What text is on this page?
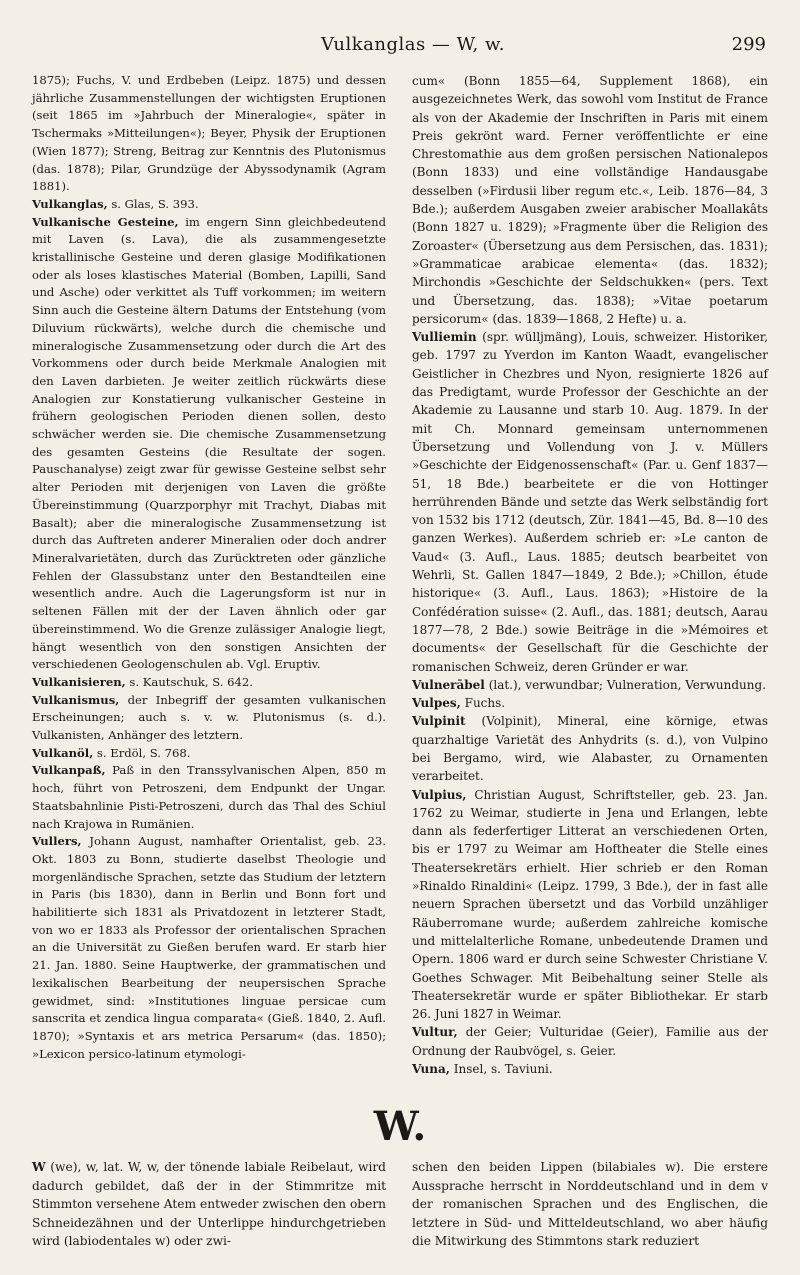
Vulkanglas — W, w.	299

1875); Fuchs, V. und Erdbeben (Leipz. 1875) und dessen jährliche Zusammenstellungen der wichtigsten Eruptionen (seit 1865 im »Jahrbuch der Mineralogie«, später in Tschermaks »Mitteilungen«); Beyer, Physik der Eruptionen (Wien 1877); Streng, Beitrag zur Kenntnis des Plutonismus (das. 1878); Pilar, Grundzüge der Abyssodynamik (Agram 1881).

Vulkanglas, s. Glas, S. 393.

Vulkanische Gesteine, im engern Sinn gleichbedeutend mit Laven (s. Lava), die als zusammengesetzte kristallinische Gesteine und deren glasige Modifikationen oder als loses klastisches Material (Bomben, Lapilli, Sand und Asche) oder verkittet als Tuff vorkommen; im weitern Sinn auch die Gesteine ältern Datums der Entstehung (vom Diluvium rückwärts), welche durch die chemische und mineralogische Zusammensetzung oder durch die Art des Vorkommens oder durch beide Merkmale Analogien mit den Laven darbieten. Je weiter zeitlich rückwärts diese Analogien zur Konstatierung vulkanischer Gesteine in frühern geologischen Perioden dienen sollen, desto schwächer werden sie. Die chemische Zusammensetzung des gesamten Gesteins (die Resultate der sogen. Pauschanalyse) zeigt zwar für gewisse Gesteine selbst sehr alter Perioden mit derjenigen von Laven die größte Übereinstimmung (Quarzporphyr mit Trachyt, Diabas mit Basalt); aber die mineralogische Zusammensetzung ist durch das Auftreten anderer Mineralien oder doch andrer Mineralvarietäten, durch das Zurücktreten oder gänzliche Fehlen der Glassubstanz unter den Bestandteilen eine wesentlich andre. Auch die Lagerungsform ist nur in seltenen Fällen mit der der Laven ähnlich oder gar übereinstimmend. Wo die Grenze zulässiger Analogie liegt, hängt wesentlich von den sonstigen Ansichten der verschiedenen Geologenschulen ab. Vgl. Eruptiv.

Vulkanisieren, s. Kautschuk, S. 642.

Vulkanismus, der Inbegriff der gesamten vulkanischen Erscheinungen; auch s. v. w. Plutonismus (s. d.). Vulkanisten, Anhänger des letztern.

Vulkanöl, s. Erdöl, S. 768.

Vulkanpaß, Paß in den Transsylvanischen Alpen, 850 m hoch, führt von Petroszeni, dem Endpunkt der Ungar. Staatsbahnlinie Pisti-Petroszeni, durch das Thal des Schiul nach Krajowa in Rumänien.

Vullers, Johann August, namhafter Orientalist, geb. 23. Okt. 1803 zu Bonn, studierte daselbst Theologie und morgenländische Sprachen, setzte das Studium der letztern in Paris (bis 1830), dann in Berlin und Bonn fort und habilitierte sich 1831 als Privatdozent in letzterer Stadt, von wo er 1833 als Professor der orientalischen Sprachen an die Universität zu Gießen berufen ward. Er starb hier 21. Jan. 1880. Seine Hauptwerke, der grammatischen und lexikalischen Bearbeitung der neupersischen Sprache gewidmet, sind: »Institutiones linguae persicae cum sanscrita et zendica lingua comparata« (Gieß. 1840, 2. Aufl. 1870); »Syntaxis et ars metrica Persarum« (das. 1850); »Lexicon persico-latinum etymologi-

cum« (Bonn 1855—64, Supplement 1868), ein ausgezeichnetes Werk, das sowohl vom Institut de France als von der Akademie der Inschriften in Paris mit einem Preis gekrönt ward. Ferner veröffentlichte er eine Chrestomathie aus dem großen persischen Nationalepos (Bonn 1833) und eine vollständige Handausgabe desselben (»Firdusii liber regum etc.«, Leib. 1876—84, 3 Bde.); außerdem Ausgaben zweier arabischer Moallakâts (Bonn 1827 u. 1829); »Fragmente über die Religion des Zoroaster« (Übersetzung aus dem Persischen, das. 1831); »Grammaticae arabicae elementa« (das. 1832); Mirchondis »Geschichte der Seldschukken« (pers. Text und Übersetzung, das. 1838); »Vitae poetarum persicorum« (das. 1839—1868, 2 Hefte) u. a.

Vulliemin (spr. wülljmäng), Louis, schweizer. Historiker, geb. 1797 zu Yverdon im Kanton Waadt, evangelischer Geistlicher in Chezbres und Nyon, resignierte 1826 auf das Predigtamt, wurde Professor der Geschichte an der Akademie zu Lausanne und starb 10. Aug. 1879. In der mit Ch. Monnard gemeinsam unternommenen Übersetzung und Vollendung von J. v. Müllers »Geschichte der Eidgenossenschaft« (Par. u. Genf 1837—51, 18 Bde.) bearbeitete er die von Hottinger herrührenden Bände und setzte das Werk selbständig fort von 1532 bis 1712 (deutsch, Zür. 1841—45, Bd. 8—10 des ganzen Werkes). Außerdem schrieb er: »Le canton de Vaud« (3. Aufl., Laus. 1885; deutsch bearbeitet von Wehrli, St. Gallen 1847—1849, 2 Bde.); »Chillon, étude historique« (3. Aufl., Laus. 1863); »Histoire de la Confédération suisse« (2. Aufl., das. 1881; deutsch, Aarau 1877—78, 2 Bde.) sowie Beiträge in die »Mémoires et documents« der Gesellschaft für die Geschichte der romanischen Schweiz, deren Gründer er war.

Vulnerābel (lat.), verwundbar; Vulneration, Verwundung.

Vulpes, Fuchs.

Vulpinit (Volpinit), Mineral, eine körnige, etwas quarzhaltige Varietät des Anhydrits (s. d.), von Vulpino bei Bergamo, wird, wie Alabaster, zu Ornamenten verarbeitet.

Vulpius, Christian August, Schriftsteller, geb. 23. Jan. 1762 zu Weimar, studierte in Jena und Erlangen, lebte dann als federfertiger Litterat an verschiedenen Orten, bis er 1797 zu Weimar am Hoftheater die Stelle eines Theatersekretärs erhielt. Hier schrieb er den Roman »Rinaldo Rinaldini« (Leipz. 1799, 3 Bde.), der in fast alle neuern Sprachen übersetzt und das Vorbild unzähliger Räuberromane wurde; außerdem zahlreiche komische und mittelalterliche Romane, unbedeutende Dramen und Opern. 1806 ward er durch seine Schwester Christiane V. Goethes Schwager. Mit Beibehaltung seiner Stelle als Theatersekretär wurde er später Bibliothekar. Er starb 26. Juni 1827 in Weimar.

Vultur, der Geier; Vulturidae (Geier), Familie aus der Ordnung der Raubvögel, s. Geier.

Vuna, Insel, s. Taviuni.

W.

W (we), w, lat. W, w, der tönende labiale Reibelaut, wird dadurch gebildet, daß der in der Stimmritze mit Stimmton versehene Atem entweder zwischen den obern Schneidezähnen und der Unterlippe hindurchgetrieben wird (labiodentales w) oder zwi-

schen den beiden Lippen (bilabiales w). Die erstere Aussprache herrscht in Norddeutschland und in dem v der romanischen Sprachen und des Englischen, die letztere in Süd- und Mitteldeutschland, wo aber häufig die Mitwirkung des Stimmtons stark reduziert
